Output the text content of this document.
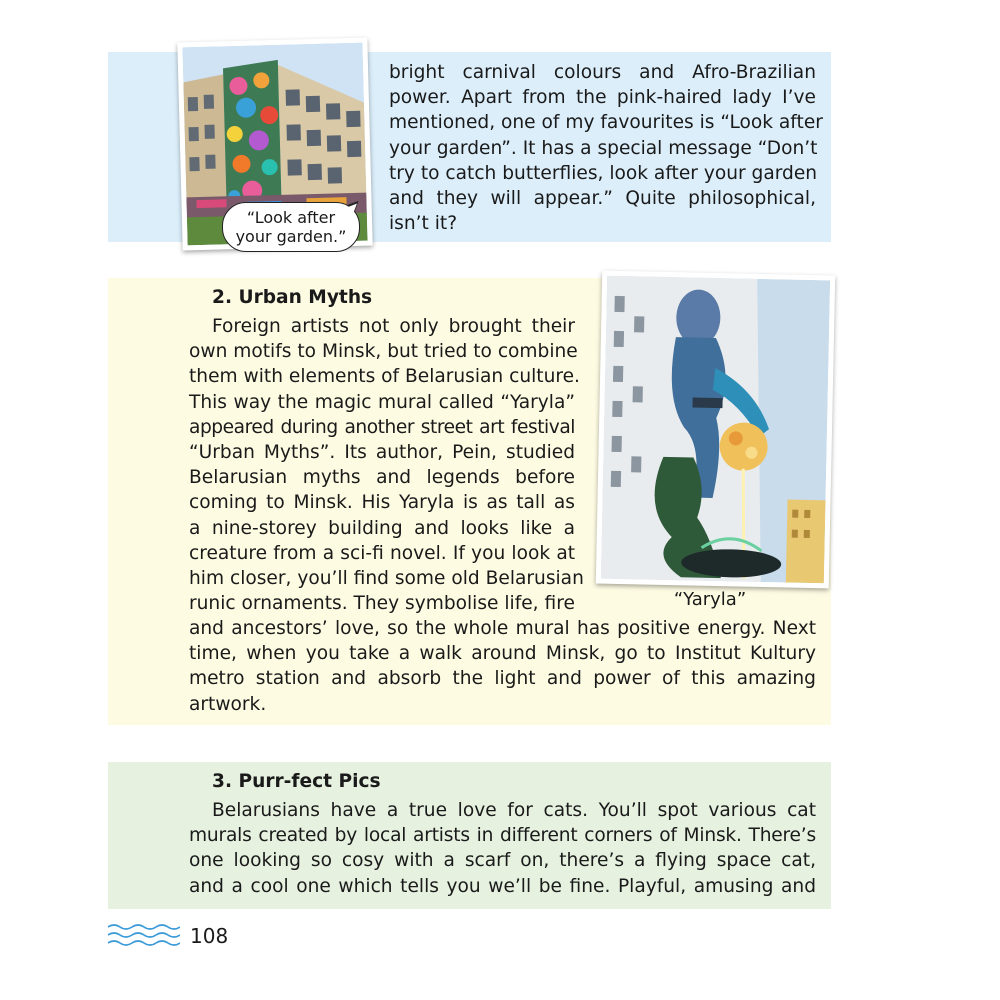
bright carnival colours and Afro-Brazilian
power. Apart from the pink-haired lady I’ve
mentioned, one of my favourites is “Look after
your garden”. It has a special message “Don’t
try to catch butterflies, look after your garden
and they will appear.” Quite philosophical,
isn’t it?
“Look after
your garden.”
2. Urban Myths
Foreign artists not only brought their
own motifs to Minsk, but tried to combine
them with elements of Belarusian culture.
This way the magic mural called “Yaryla”
appeared during another street art festival
“Urban Myths”. Its author, Pein, studied
Belarusian myths and legends before
coming to Minsk. His Yaryla is as tall as
a nine-storey building and looks like a
creature from a sci-fi novel. If you look at
him closer, you’ll find some old Belarusian
runic ornaments. They symbolise life, fire
and ancestors’ love, so the whole mural has positive energy. Next
time, when you take a walk around Minsk, go to Institut Kultury
metro station and absorb the light and power of this amazing
artwork.
“Yaryla”
3. Purr-fect Pics
Belarusians have a true love for cats. You’ll spot various cat
murals created by local artists in different corners of Minsk. There’s
one looking so cosy with a scarf on, there’s a flying space cat,
and a cool one which tells you we’ll be fine. Playful, amusing and
108
